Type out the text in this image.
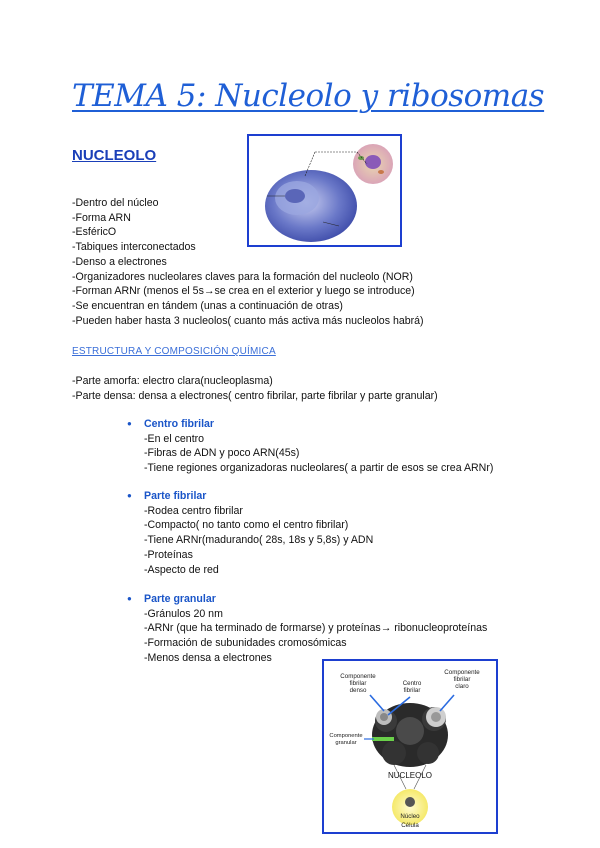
TEMA 5: Nucleolo y ribosomas
NUCLEOLO
-Dentro del núcleo
-Forma ARN
-EsféricO
-Tabiques interconectados
-Denso a electrones
-Organizadores nucleolares claves para la formación del nucleolo (NOR)
-Forman ARNr (menos el 5s→se crea en el exterior y luego se introduce)
-Se encuentran en tándem (unas a continuación de otras)
-Pueden haber hasta 3 nucleolos( cuanto más activa más nucleolos habrá)
ESTRUCTURA Y COMPOSICIÓN QUÍMICA
-Parte amorfa: electro clara(nucleoplasma)
-Parte densa: densa a electrones( centro fibrilar, parte fibrilar y parte granular)
● Centro fibrilar
-En el centro
-Fibras de ADN y poco ARN(45s)
-Tiene regiones organizadoras nucleolares( a partir de esos se crea ARNr)
● Parte fibrilar
-Rodea centro fibrilar
-Compacto( no tanto como el centro fibrilar)
-Tiene ARNr(madurando( 28s, 18s y 5,8s) y ADN
-Proteínas
-Aspecto de red
● Parte granular
-Gránulos 20 nm
-ARNr (que ha terminado de formarse) y proteínas→ ribonucleoproteínas
-Formación de subunidades cromosómicas
-Menos densa a electrones
Componente
fibrilar
denso
Centro
fibrilar
Componente
fibrilar
claro
Componente
granular
NUCLEOLO
Núcleo
Célula
